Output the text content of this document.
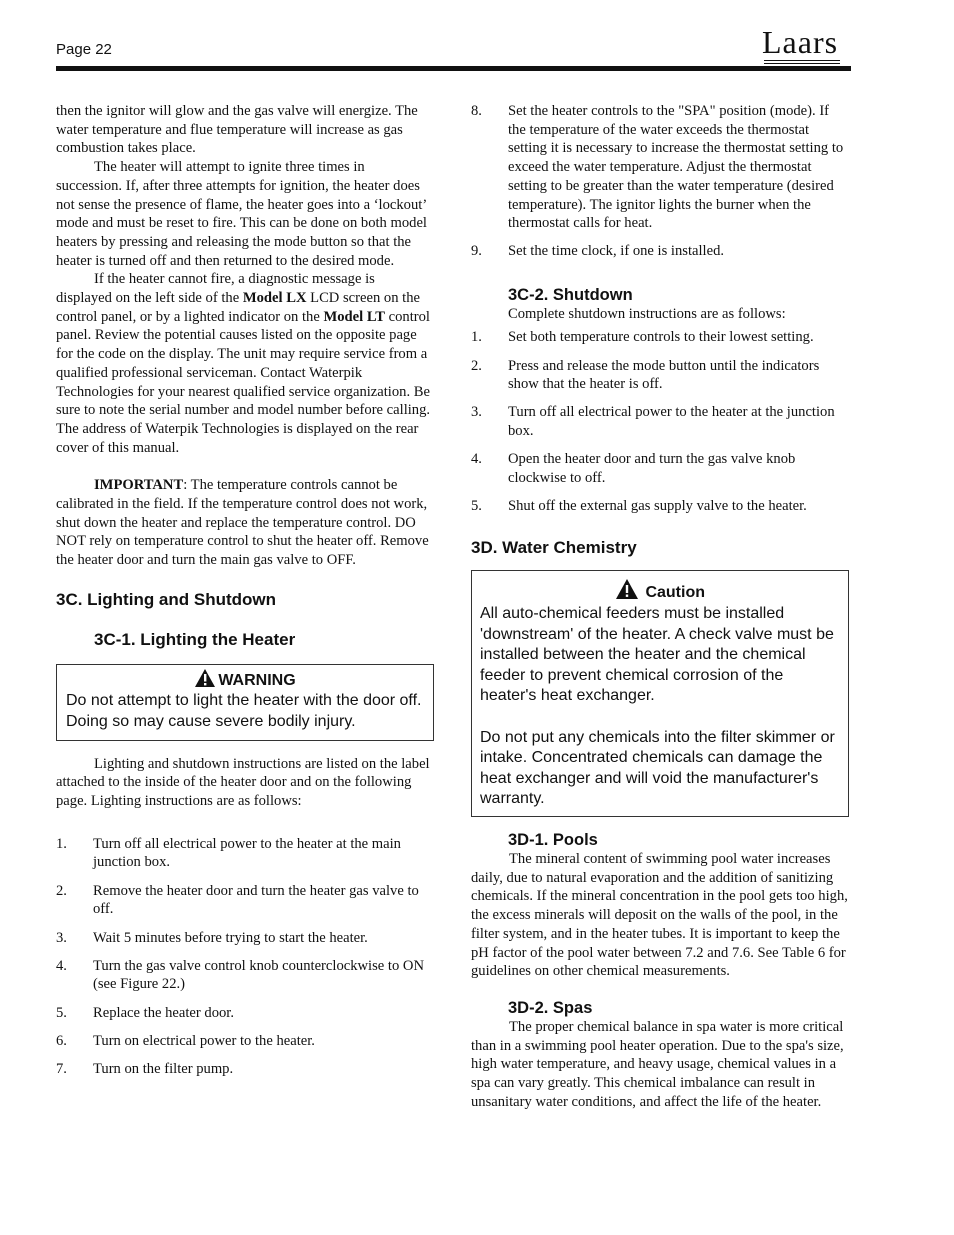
Page 22	Laars

then the ignitor will glow and the gas valve will energize. The water temperature and flue temperature will increase as gas combustion takes place.

The heater will attempt to ignite three times in succession. If, after three attempts for ignition, the heater does not sense the presence of flame, the heater goes into a ‘lockout’ mode and must be reset to fire. This can be done on both model heaters by pressing and releasing the mode button so that the heater is turned off and then returned to the desired mode.

If the heater cannot fire, a diagnostic message is displayed on the left side of the Model LX LCD screen on the control panel, or by a lighted indicator on the Model LT control panel. Review the potential causes listed on the opposite page for the code on the display. The unit may require service from a qualified professional serviceman. Contact Waterpik Technologies for your nearest qualified service organization. Be sure to note the serial number and model number before calling. The address of Waterpik Technologies is displayed on the rear cover of this manual.

IMPORTANT: The temperature controls cannot be calibrated in the field. If the temperature control does not work, shut down the heater and replace the temperature control. DO NOT rely on temperature control to shut the heater off. Remove the heater door and turn the main gas valve to OFF.

3C. Lighting and Shutdown
3C-1. Lighting the Heater
WARNING
Do not attempt to light the heater with the door off. Doing so may cause severe bodily injury.

Lighting and shutdown instructions are listed on the label attached to the inside of the heater door and on the following page. Lighting instructions are as follows:

1. Turn off all electrical power to the heater at the main junction box.
2. Remove the heater door and turn the heater gas valve to off.
3. Wait 5 minutes before trying to start the heater.
4. Turn the gas valve control knob counterclockwise to ON (see Figure 22.)
5. Replace the heater door.
6. Turn on electrical power to the heater.
7. Turn on the filter pump.
8. Set the heater controls to the "SPA" position (mode). If the temperature of the water exceeds the thermostat setting it is necessary to increase the thermostat setting to exceed the water temperature. Adjust the thermostat setting to be greater than the water temperature (desired temperature). The ignitor lights the burner when the thermostat calls for heat.
9. Set the time clock, if one is installed.
3C-2. Shutdown

Complete shutdown instructions are as follows:

1. Set both temperature controls to their lowest setting.
2. Press and release the mode button until the indicators show that the heater is off.
3. Turn off all electrical power to the heater at the junction box.
4. Open the heater door and turn the gas valve knob clockwise to off.
5. Shut off the external gas supply valve to the heater.
3D. Water Chemistry
Caution
All auto-chemical feeders must be installed 'downstream' of the heater. A check valve must be installed between the heater and the chemical feeder to prevent chemical corrosion of the heater's heat exchanger.
Do not put any chemicals into the filter skimmer or intake. Concentrated chemicals can damage the heat exchanger and will void the manufacturer's warranty.
3D-1. Pools

The mineral content of swimming pool water increases daily, due to natural evaporation and the addition of sanitizing chemicals. If the mineral concentration in the pool gets too high, the excess minerals will deposit on the walls of the pool, in the filter system, and in the heater tubes. It is important to keep the pH factor of the pool water between 7.2 and 7.6. See Table 6 for guidelines on other chemical measurements.

3D-2. Spas

The proper chemical balance in spa water is more critical than in a swimming pool heater operation. Due to the spa's size, high water temperature, and heavy usage, chemical values in a spa can vary greatly. This chemical imbalance can result in unsanitary water conditions, and affect the life of the heater.
